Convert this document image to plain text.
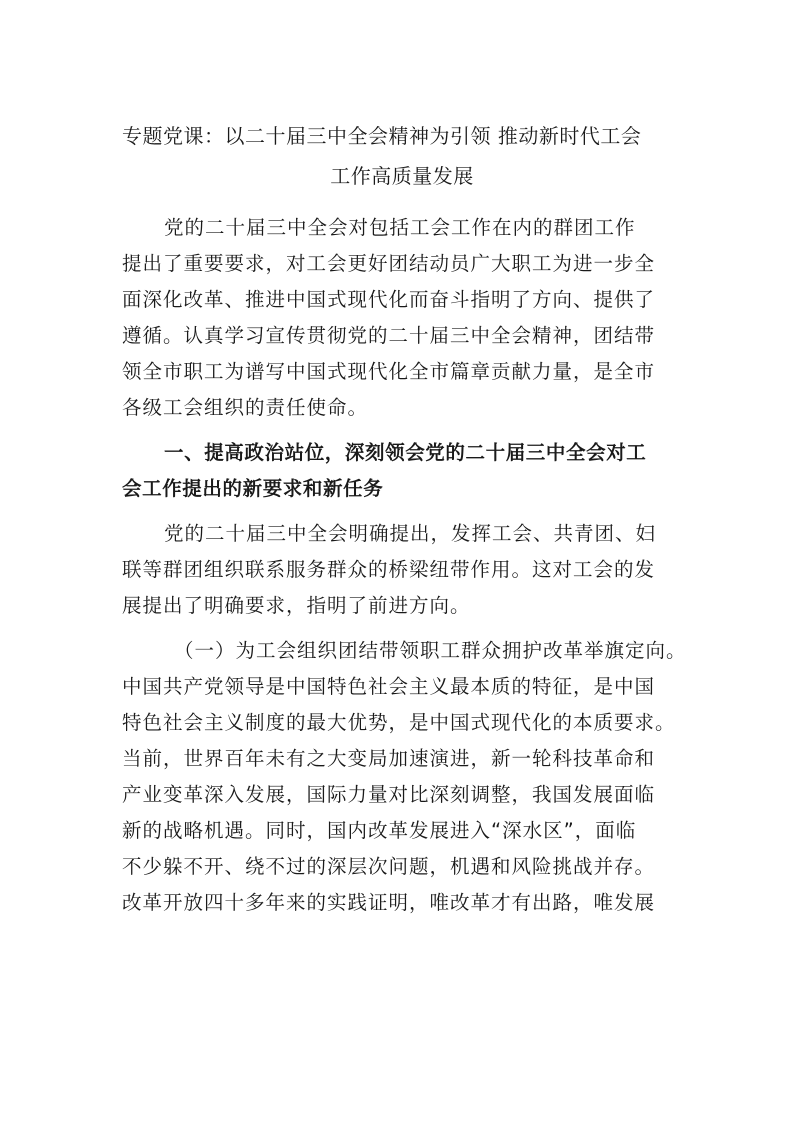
专题党课：以二十届三中全会精神为引领 推动新时代工会

工作高质量发展

党的二十届三中全会对包括工会工作在内的群团工作

提出了重要要求，对工会更好团结动员广大职工为进一步全

面深化改革、推进中国式现代化而奋斗指明了方向、提供了

遵循。认真学习宣传贯彻党的二十届三中全会精神，团结带

领全市职工为谱写中国式现代化全市篇章贡献力量，是全市

各级工会组织的责任使命。

一、提高政治站位，深刻领会党的二十届三中全会对工

会工作提出的新要求和新任务

党的二十届三中全会明确提出，发挥工会、共青团、妇

联等群团组织联系服务群众的桥梁纽带作用。这对工会的发

展提出了明确要求，指明了前进方向。

（一）为工会组织团结带领职工群众拥护改革举旗定向。

中国共产党领导是中国特色社会主义最本质的特征，是中国

特色社会主义制度的最大优势，是中国式现代化的本质要求。

当前，世界百年未有之大变局加速演进，新一轮科技革命和

产业变革深入发展，国际力量对比深刻调整，我国发展面临

新的战略机遇。同时，国内改革发展进入“深水区”，面临

不少躲不开、绕不过的深层次问题，机遇和风险挑战并存。

改革开放四十多年来的实践证明，唯改革才有出路，唯发展
